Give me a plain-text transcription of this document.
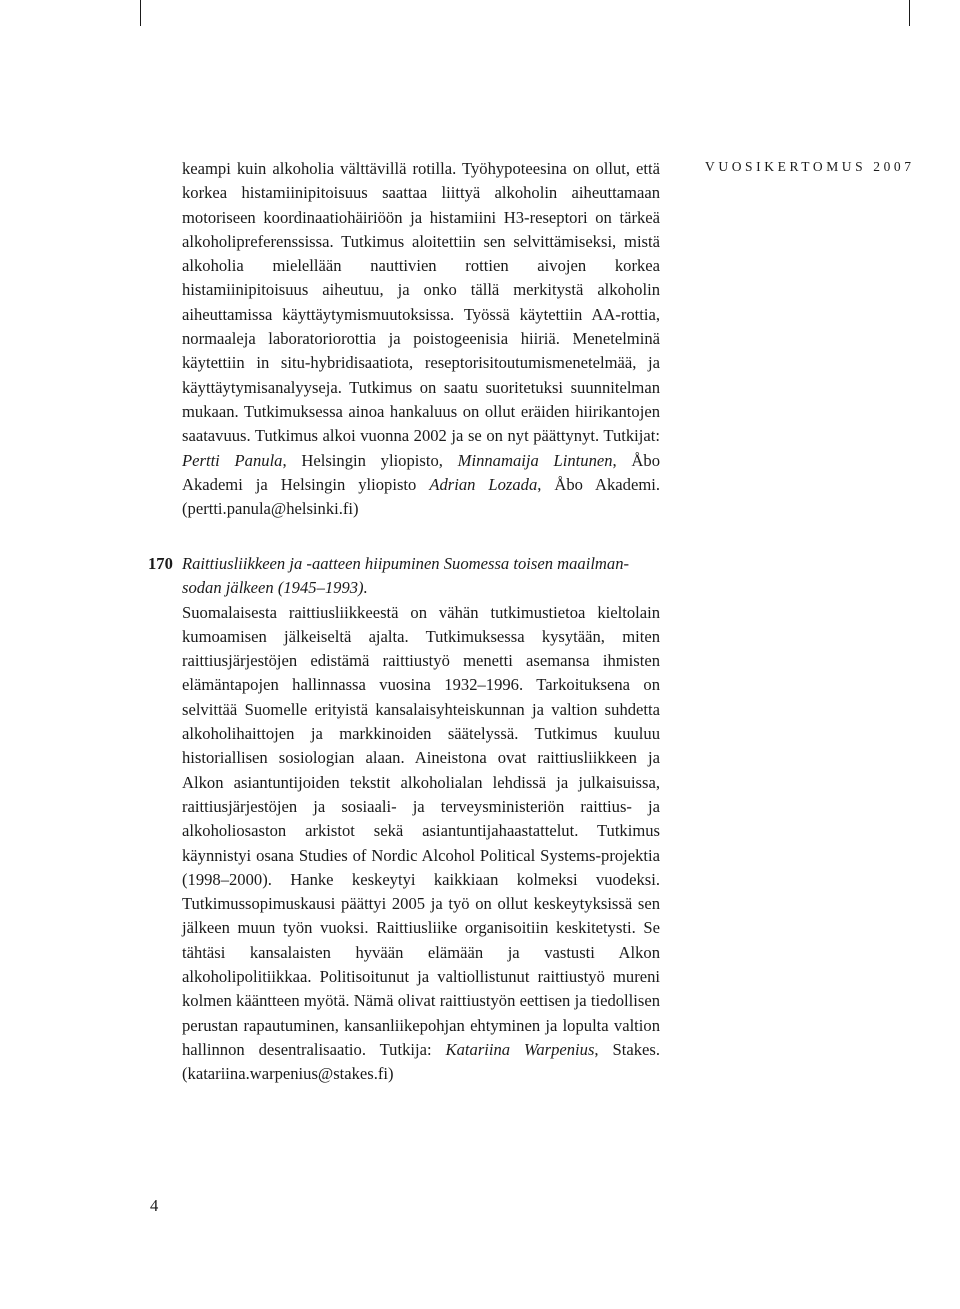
VUOSIKERTOMUS 2007

keampi kuin alkoholia välttävillä rotilla. Työhypoteesina on ollut, että korkea histamiinipitoisuus saattaa liittyä alkoholin aiheuttamaan motoriseen koordinaatiohäiriöön ja histamiini H3-reseptori on tärkeä alkoholipreferenssissa. Tutkimus aloitettiin sen selvittämiseksi, mistä alkoholia mielellään nauttivien rottien aivojen korkea histamiinipitoisuus aiheutuu, ja onko tällä merkitystä alkoholin aiheuttamissa käyttäytymismuutoksissa. Työssä käytettiin AA-rottia, normaaleja laboratoriorottia ja poistogeenisia hiiriä. Menetelminä käytettiin in situ-hybridisaatiota, reseptorisitoutumismenetelmää, ja käyttäytymisanalyyseja. Tutkimus on saatu suoritetuksi suunnitelman mukaan. Tutkimuksessa ainoa hankaluus on ollut eräiden hiirikantojen saatavuus. Tutkimus alkoi vuonna 2002 ja se on nyt päättynyt. Tutkijat: Pertti Panula, Helsingin yliopisto, Minnamaija Lintunen, Åbo Akademi ja Helsingin yliopisto Adrian Lozada, Åbo Akademi.(pertti.panula@helsinki.fi)

170 Raittiusliikkeen ja -aatteen hiipuminen Suomessa toisen maailman-
sodan jälkeen (1945–1993).

Suomalaisesta raittiusliikkeestä on vähän tutkimustietoa kieltolain kumoamisen jälkeiseltä ajalta. Tutkimuksessa kysytään, miten raittiusjärjestöjen edistämä raittiustyö menetti asemansa ihmisten elämäntapojen hallinnassa vuosina 1932–1996. Tarkoituksena on selvittää Suomelle erityistä kansalaisyhteiskunnan ja valtion suhdetta alkoholihaittojen ja markkinoiden säätelyssä. Tutkimus kuuluu historiallisen sosiologian alaan. Aineistona ovat raittiusliikkeen ja Alkon asiantuntijoiden tekstit alkoholialan lehdissä ja julkaisuissa, raittiusjärjestöjen ja sosiaali- ja terveysministeriön raittius- ja alkoholiosaston arkistot sekä asiantuntijahaastattelut. Tutkimus käynnistyi osana Studies of Nordic Alcohol Political Systems-projektia (1998–2000). Hanke keskeytyi kaikkiaan kolmeksi vuodeksi. Tutkimussopimuskausi päättyi 2005 ja työ on ollut keskeytyksissä sen jälkeen muun työn vuoksi. Raittiusliike organisoitiin keskitetysti. Se tähtäsi kansalaisten hyvään elämään ja vastusti Alkon alkoholipolitiikkaa. Politisoitunut ja valtiollistunut raittiustyö mureni kolmen kääntteen myötä. Nämä olivat raittiustyön eettisen ja tiedollisen perustan rapautuminen, kansanliikepohjan ehtyminen ja lopulta valtion hallinnon desentralisaatio. Tutkija: Katariina Warpenius, Stakes. (katariina.warpenius@stakes.fi)

4
